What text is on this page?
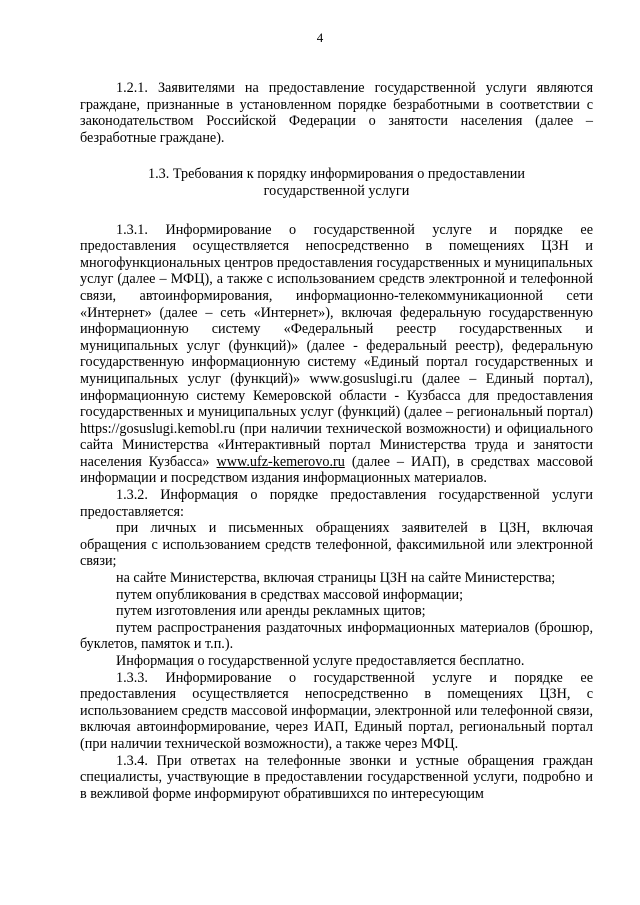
4

1.2.1. Заявителями на предоставление государственной услуги являются граждане, признанные в установленном порядке безработными в соответствии с законодательством Российской Федерации о занятости населения (далее – безработные граждане).

1.3. Требования к порядку информирования о предоставлении государственной услуги

1.3.1. Информирование о государственной услуге и порядке ее предоставления осуществляется непосредственно в помещениях ЦЗН и многофункциональных центров предоставления государственных и муниципальных услуг (далее – МФЦ), а также с использованием средств электронной и телефонной связи, автоинформирования, информационно-телекоммуникационной сети «Интернет» (далее – сеть «Интернет»), включая федеральную государственную информационную систему «Федеральный реестр государственных и муниципальных услуг (функций)» (далее - федеральный реестр), федеральную государственную информационную систему «Единый портал государственных и муниципальных услуг (функций)» www.gosuslugi.ru (далее – Единый портал), информационную систему Кемеровской области - Кузбасса для предоставления государственных и муниципальных услуг (функций) (далее – региональный портал) https://gosuslugi.kemobl.ru (при наличии технической возможности) и официального сайта Министерства «Интерактивный портал Министерства труда и занятости населения Кузбасса» www.ufz-kemerovo.ru (далее – ИАП), в средствах массовой информации и посредством издания информационных материалов.

1.3.2. Информация о порядке предоставления государственной услуги предоставляется:

при личных и письменных обращениях заявителей в ЦЗН, включая обращения с использованием средств телефонной, факсимильной или электронной связи;

на сайте Министерства, включая страницы ЦЗН на сайте Министерства;

путем опубликования в средствах массовой информации;

путем изготовления или аренды рекламных щитов;

путем распространения раздаточных информационных материалов (брошюр, буклетов, памяток и т.п.).

Информация о государственной услуге предоставляется бесплатно.

1.3.3. Информирование о государственной услуге и порядке ее предоставления осуществляется непосредственно в помещениях ЦЗН, с использованием средств массовой информации, электронной или телефонной связи, включая автоинформирование, через ИАП, Единый портал, региональный портал (при наличии технической возможности), а также через МФЦ.

1.3.4. При ответах на телефонные звонки и устные обращения граждан специалисты, участвующие в предоставлении государственной услуги, подробно и в вежливой форме информируют обратившихся по интересующим
